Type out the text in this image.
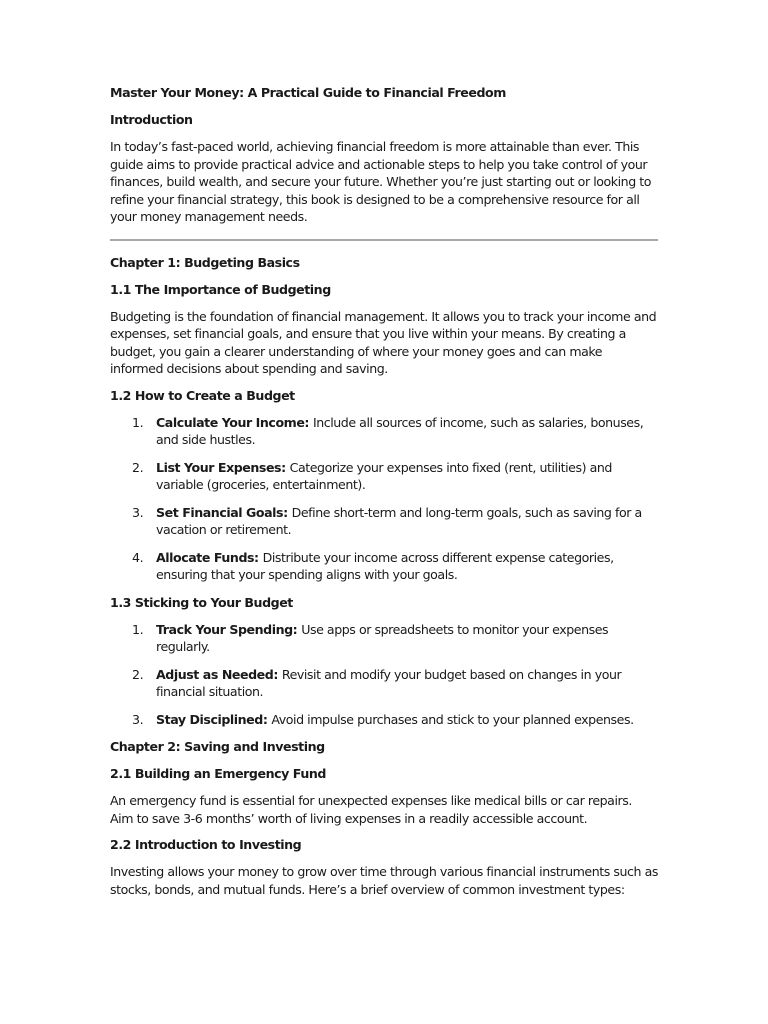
Master Your Money: A Practical Guide to Financial Freedom

Introduction

In today’s fast-paced world, achieving financial freedom is more attainable than ever. This guide aims to provide practical advice and actionable steps to help you take control of your finances, build wealth, and secure your future. Whether you’re just starting out or looking to refine your financial strategy, this book is designed to be a comprehensive resource for all your money management needs.

Chapter 1: Budgeting Basics

1.1 The Importance of Budgeting

Budgeting is the foundation of financial management. It allows you to track your income and expenses, set financial goals, and ensure that you live within your means. By creating a budget, you gain a clearer understanding of where your money goes and can make informed decisions about spending and saving.

1.2 How to Create a Budget

1. Calculate Your Income: Include all sources of income, such as salaries, bonuses, and side hustles.
2. List Your Expenses: Categorize your expenses into fixed (rent, utilities) and variable (groceries, entertainment).
3. Set Financial Goals: Define short-term and long-term goals, such as saving for a vacation or retirement.
4. Allocate Funds: Distribute your income across different expense categories, ensuring that your spending aligns with your goals.

1.3 Sticking to Your Budget

1. Track Your Spending: Use apps or spreadsheets to monitor your expenses regularly.
2. Adjust as Needed: Revisit and modify your budget based on changes in your financial situation.
3. Stay Disciplined: Avoid impulse purchases and stick to your planned expenses.

Chapter 2: Saving and Investing

2.1 Building an Emergency Fund

An emergency fund is essential for unexpected expenses like medical bills or car repairs. Aim to save 3-6 months’ worth of living expenses in a readily accessible account.

2.2 Introduction to Investing

Investing allows your money to grow over time through various financial instruments such as stocks, bonds, and mutual funds. Here’s a brief overview of common investment types:
